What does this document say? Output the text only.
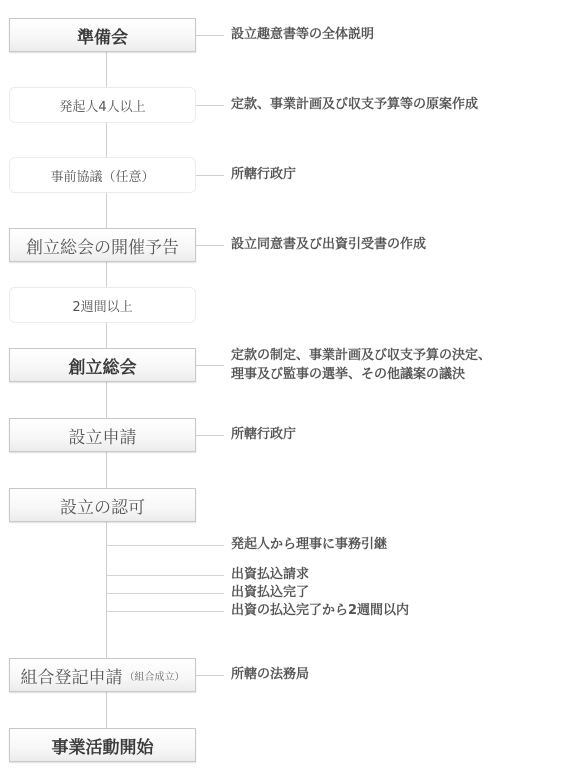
準備会	設立趣意書等の全体説明
発起人4人以上	定款、事業計画及び収支予算等の原案作成
事前協議（任意）	所轄行政庁
創立総会の開催予告	設立同意書及び出資引受書の作成
2週間以上
創立総会
定款の制定、事業計画及び収支予算の決定、
理事及び監事の選挙、その他議案の議決
設立申請	所轄行政庁
設立の認可
発起人から理事に事務引継
出資払込請求
出資払込完了
出資の払込完了から2週間以内
組合登記申請 （組合成立）	所轄の法務局
事業活動開始
